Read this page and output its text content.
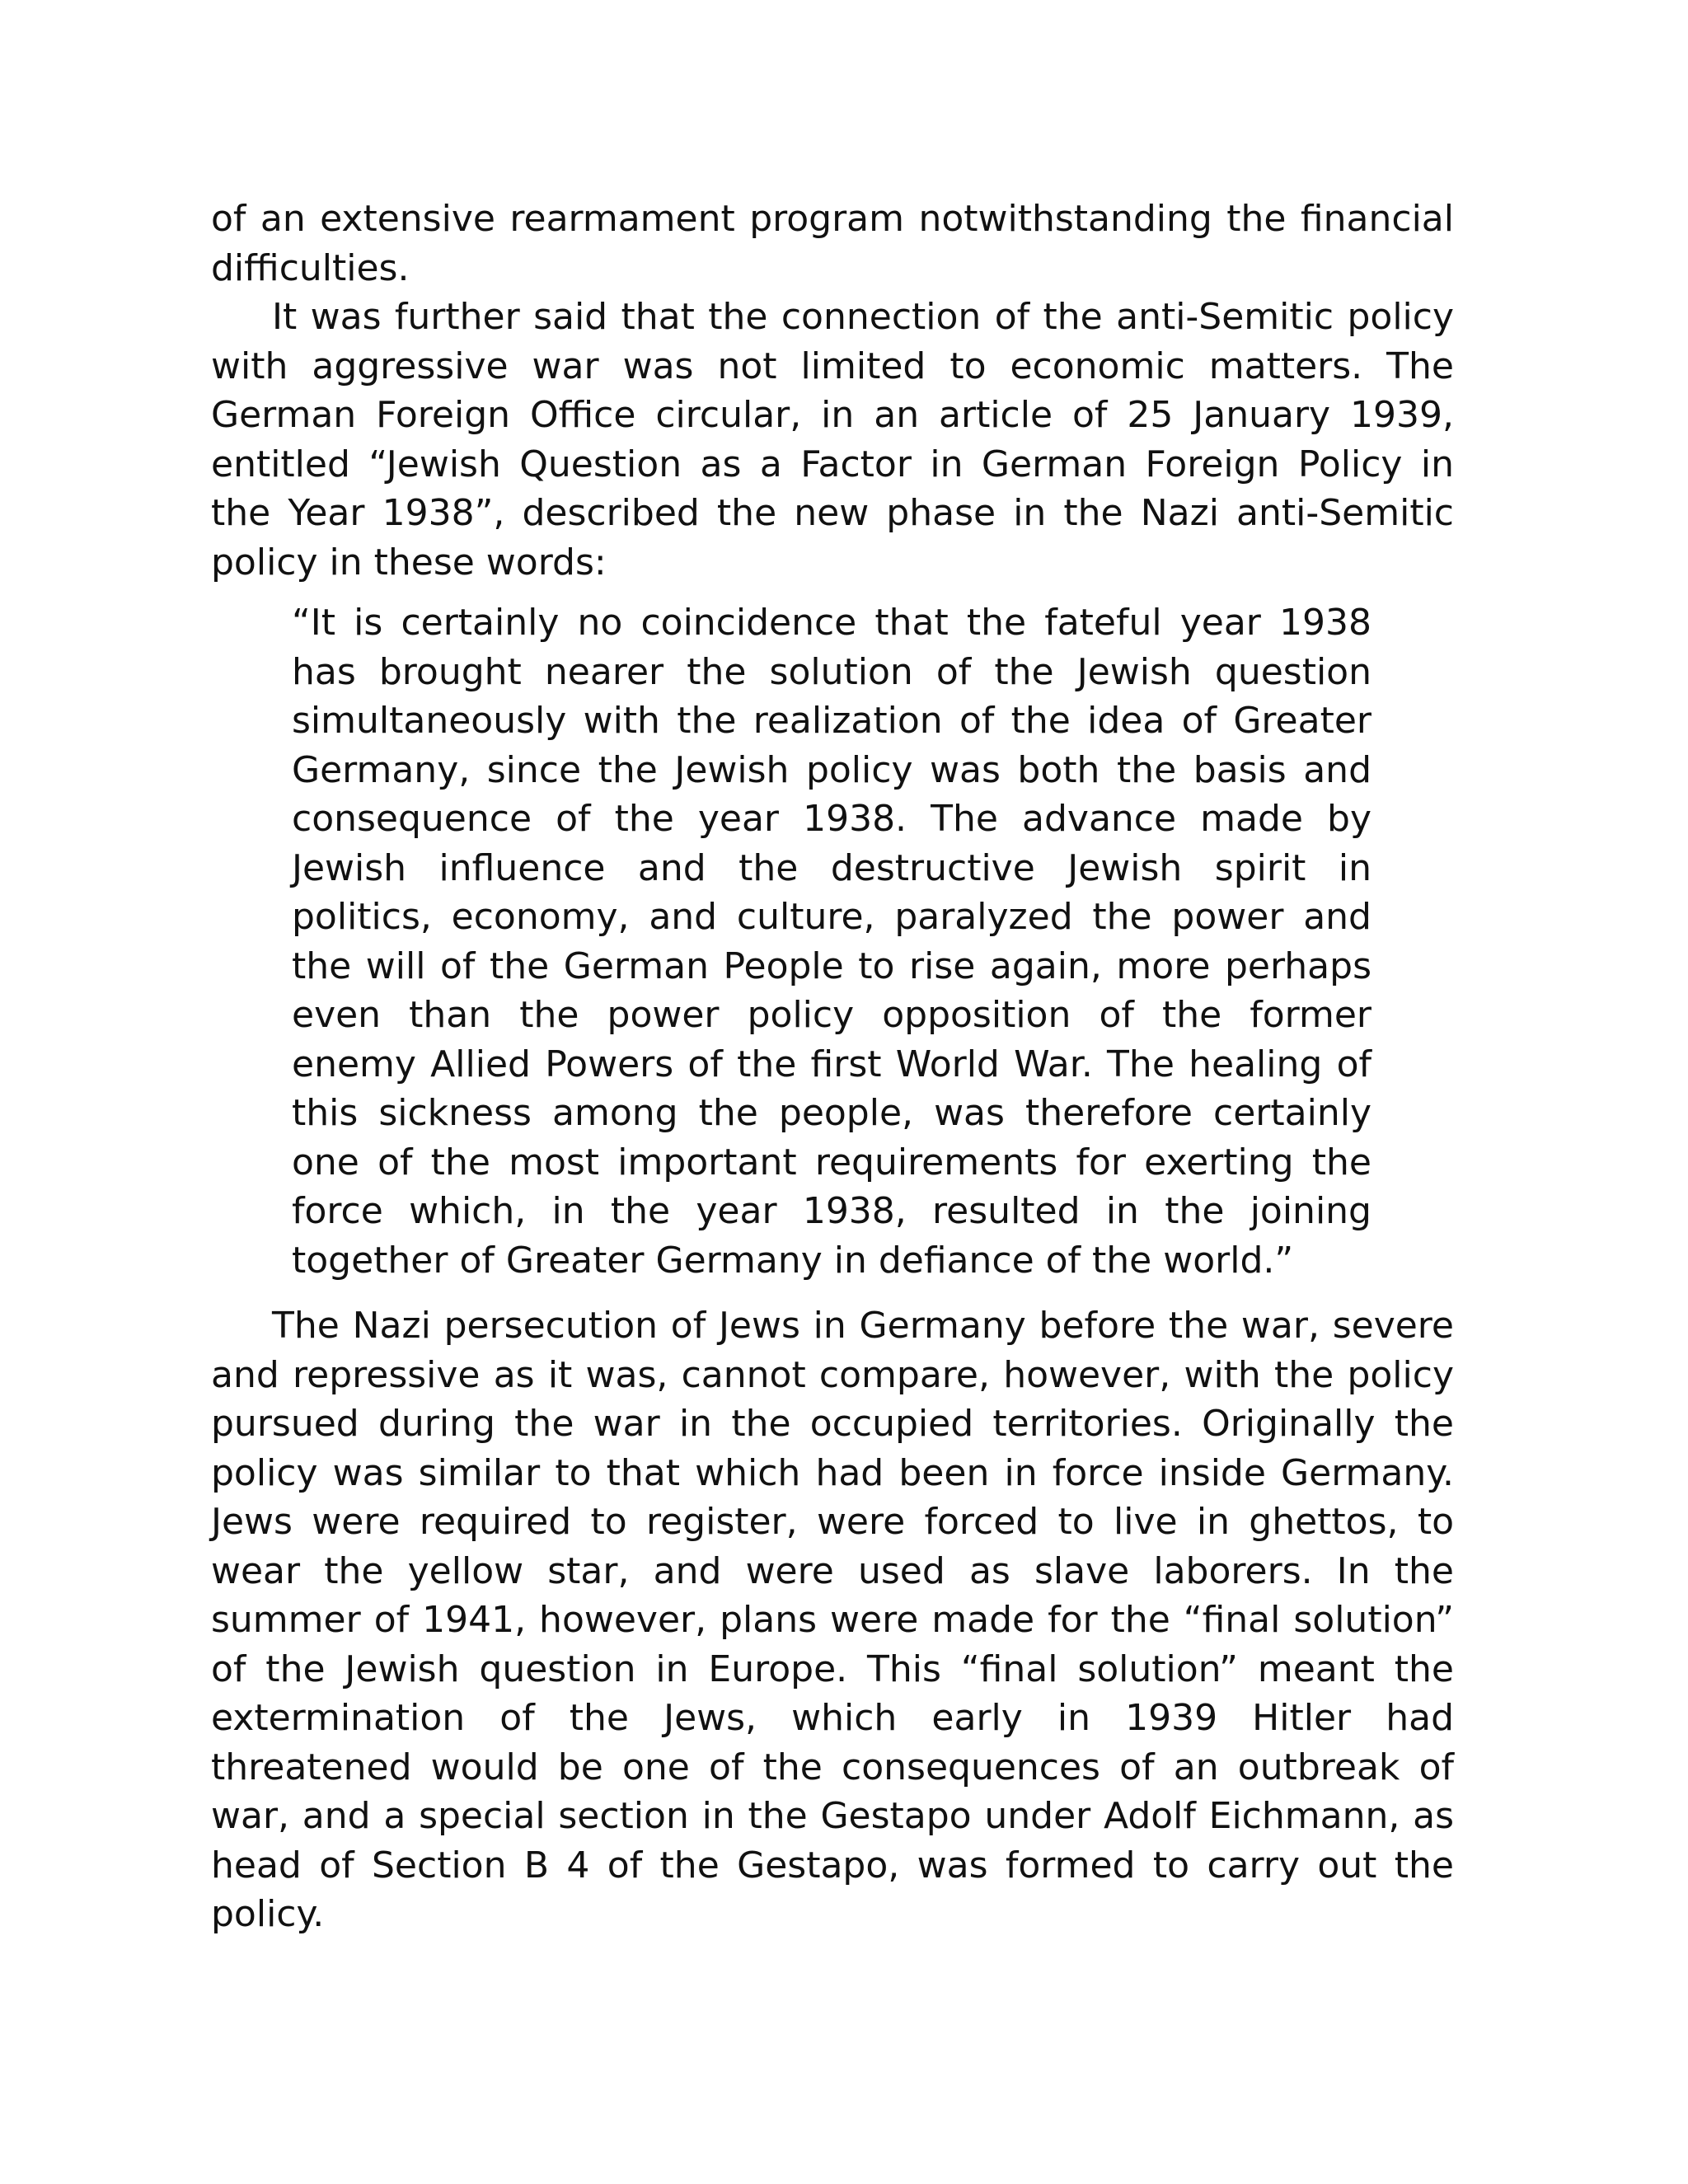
of an extensive rearmament program notwithstanding the financial difficulties.

It was further said that the connection of the anti-Semitic policy with aggressive war was not limited to economic matters. The German Foreign Office circular, in an article of 25 January 1939, entitled “Jewish Question as a Factor in German Foreign Policy in the Year 1938”, described the new phase in the Nazi anti-Semitic policy in these words:

“It is certainly no coincidence that the fateful year 1938 has brought nearer the solution of the Jewish question simultaneously with the realization of the idea of Greater Germany, since the Jewish policy was both the basis and consequence of the year 1938. The advance made by Jewish influence and the destructive Jewish spirit in politics, economy, and culture, paralyzed the power and the will of the German People to rise again, more perhaps even than the power policy opposition of the former enemy Allied Powers of the first World War. The healing of this sickness among the people, was therefore certainly one of the most important requirements for exerting the force which, in the year 1938, resulted in the joining together of Greater Germany in defiance of the world.”

The Nazi persecution of Jews in Germany before the war, severe and repressive as it was, cannot compare, however, with the policy pursued during the war in the occupied territories. Originally the policy was similar to that which had been in force inside Germany. Jews were required to register, were forced to live in ghettos, to wear the yellow star, and were used as slave laborers. In the summer of 1941, however, plans were made for the “final solution” of the Jewish question in Europe. This “final solution” meant the extermination of the Jews, which early in 1939 Hitler had threatened would be one of the consequences of an outbreak of war, and a special section in the Gestapo under Adolf Eichmann, as head of Section B 4 of the Gestapo, was formed to carry out the policy.
